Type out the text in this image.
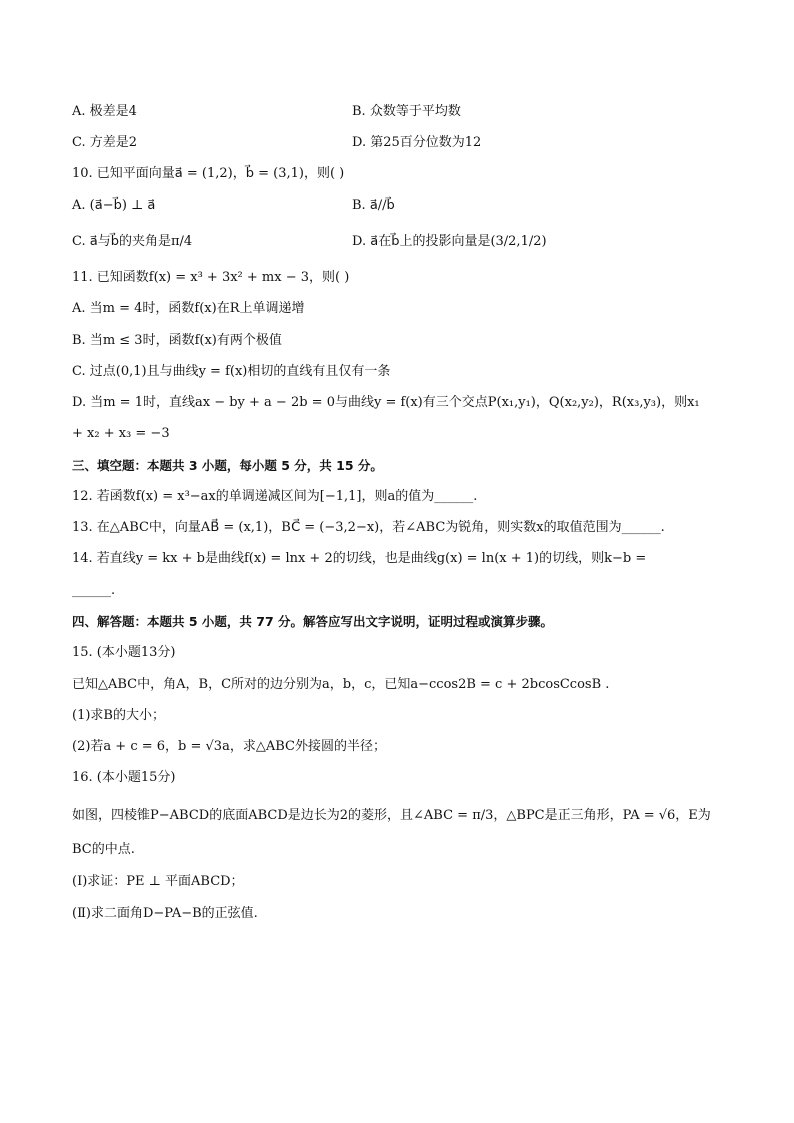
A. 极差是4	B. 众数等于平均数
C. 方差是2	D. 第25百分位数为12
10. 已知平面向量a⃗ = (1,2)，b⃗ = (3,1)，则( )
A. (a⃗−b⃗) ⊥ a⃗	B. a⃗//b⃗
C. a⃗与b⃗的夹角是π/4	D. a⃗在b⃗上的投影向量是(3/2,1/2)
11. 已知函数f(x) = x³ + 3x² + mx − 3，则( )
A. 当m = 4时，函数f(x)在R上单调递增
B. 当m ≤ 3时，函数f(x)有两个极值
C. 过点(0,1)且与曲线y = f(x)相切的直线有且仅有一条
D. 当m = 1时，直线ax − by + a − 2b = 0与曲线y = f(x)有三个交点P(x₁,y₁)，Q(x₂,y₂)，R(x₃,y₃)，则x₁
+ x₂ + x₃ = −3
三、填空题：本题共 3 小题，每小题 5 分，共 15 分。
12. 若函数f(x) = x³−ax的单调递减区间为[−1,1]，则a的值为______.
13. 在△ABC中，向量AB⃗ = (x,1)，BC⃗ = (−3,2−x)，若∠ABC为锐角，则实数x的取值范围为______.
14. 若直线y = kx + b是曲线f(x) = lnx + 2的切线，也是曲线g(x) = ln(x + 1)的切线，则k−b =
______.
四、解答题：本题共 5 小题，共 77 分。解答应写出文字说明，证明过程或演算步骤。
15. (本小题13分)
已知△ABC中，角A，B，C所对的边分别为a，b，c，已知a−ccos2B = c + 2bcosCcosB .
(1)求B的大小；
(2)若a + c = 6，b = √3a，求△ABC外接圆的半径；
16. (本小题15分)
如图，四棱锥P−ABCD的底面ABCD是边长为2的菱形，且∠ABC = π/3，△BPC是正三角形，PA = √6，E为
BC的中点.
(Ⅰ)求证：PE ⊥ 平面ABCD；
(Ⅱ)求二面角D−PA−B的正弦值.
